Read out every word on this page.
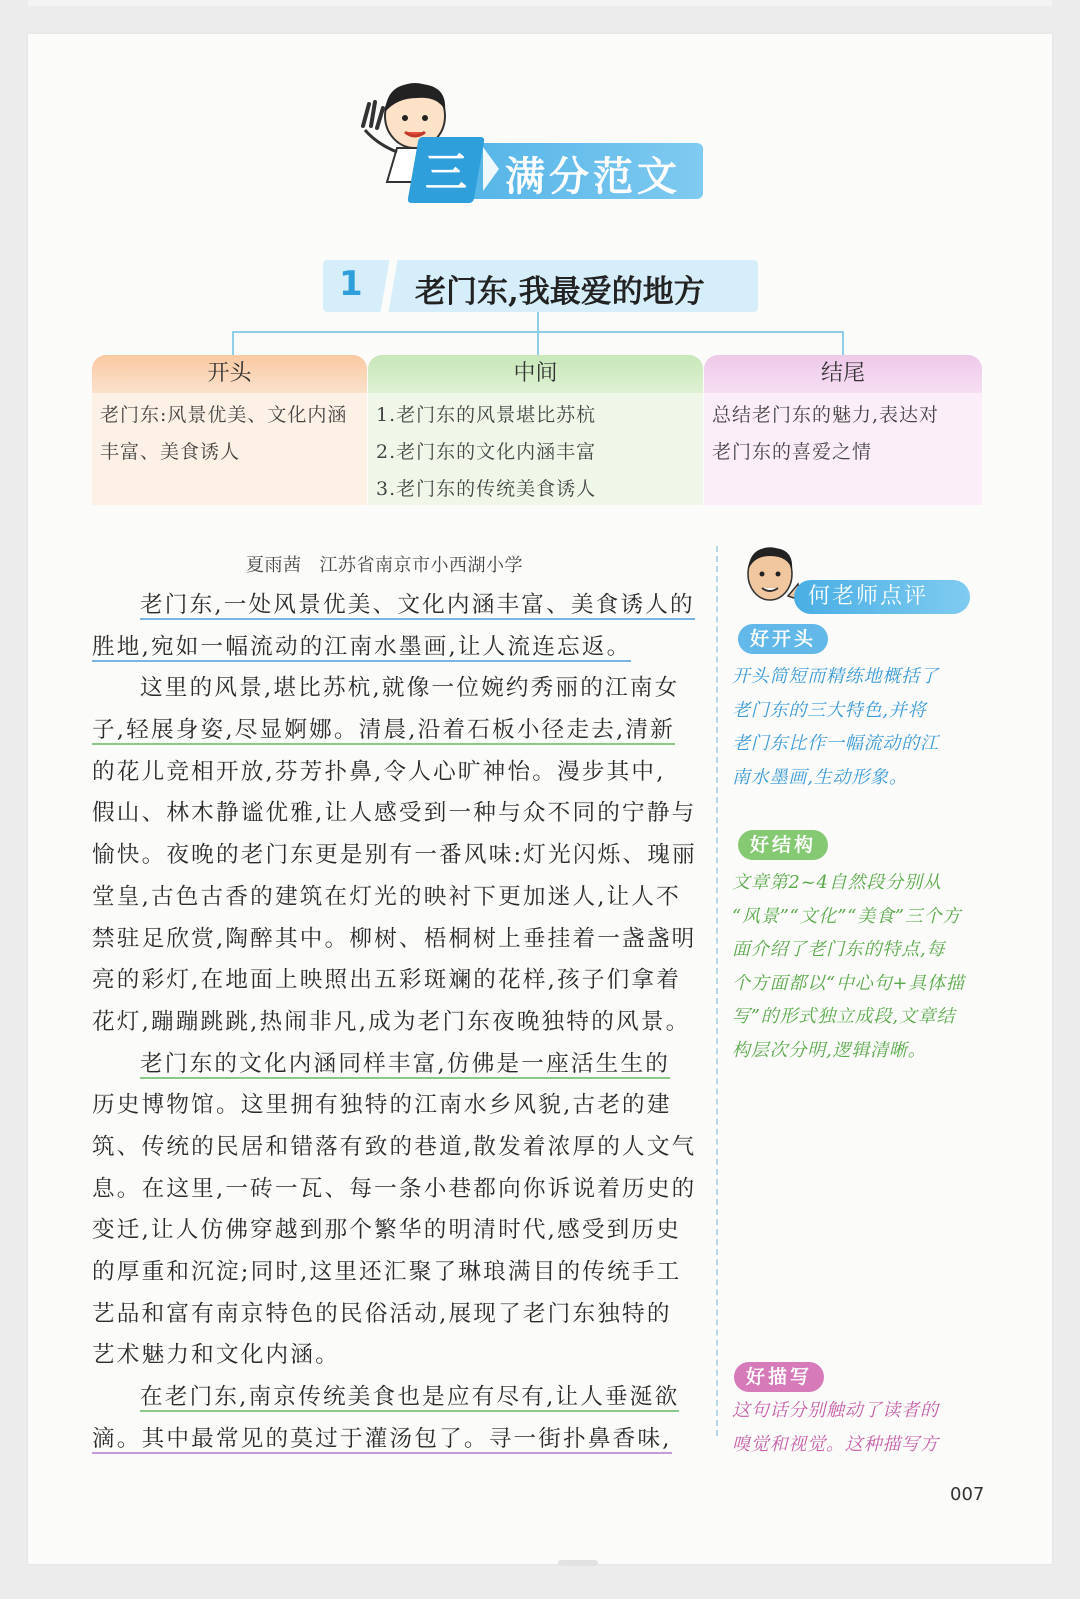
三 满分范文
1 老门东,我最爱的地方
开头
老门东:风景优美、文化内涵
丰富、美食诱人
中间
1.老门东的风景堪比苏杭
2.老门东的文化内涵丰富
3.老门东的传统美食诱人
结尾
总结老门东的魅力,表达对
老门东的喜爱之情
夏雨茜 江苏省南京市小西湖小学
老门东,一处风景优美、文化内涵丰富、美食诱人的
胜地,宛如一幅流动的江南水墨画,让人流连忘返。
这里的风景,堪比苏杭,就像一位婉约秀丽的江南女
子,轻展身姿,尽显婀娜。清晨,沿着石板小径走去,清新
的花儿竞相开放,芬芳扑鼻,令人心旷神怡。漫步其中,
假山、林木静谧优雅,让人感受到一种与众不同的宁静与
愉快。夜晚的老门东更是别有一番风味:灯光闪烁、瑰丽
堂皇,古色古香的建筑在灯光的映衬下更加迷人,让人不
禁驻足欣赏,陶醉其中。柳树、梧桐树上垂挂着一盏盏明
亮的彩灯,在地面上映照出五彩斑斓的花样,孩子们拿着
花灯,蹦蹦跳跳,热闹非凡,成为老门东夜晚独特的风景。
老门东的文化内涵同样丰富,仿佛是一座活生生的
历史博物馆。这里拥有独特的江南水乡风貌,古老的建
筑、传统的民居和错落有致的巷道,散发着浓厚的人文气
息。在这里,一砖一瓦、每一条小巷都向你诉说着历史的
变迁,让人仿佛穿越到那个繁华的明清时代,感受到历史
的厚重和沉淀;同时,这里还汇聚了琳琅满目的传统手工
艺品和富有南京特色的民俗活动,展现了老门东独特的
艺术魅力和文化内涵。
在老门东,南京传统美食也是应有尽有,让人垂涎欲
滴。其中最常见的莫过于灌汤包了。寻一街扑鼻香味,
何老师点评
好开头
开头简短而精练地概括了
老门东的三大特色,并将
老门东比作一幅流动的江
南水墨画,生动形象。
好结构
文章第2~4自然段分别从
“风景”“文化”“美食”三个方
面介绍了老门东的特点,每
个方面都以“中心句+具体描
写”的形式独立成段,文章结
构层次分明,逻辑清晰。
好描写
这句话分别触动了读者的
嗅觉和视觉。这种描写方
007
